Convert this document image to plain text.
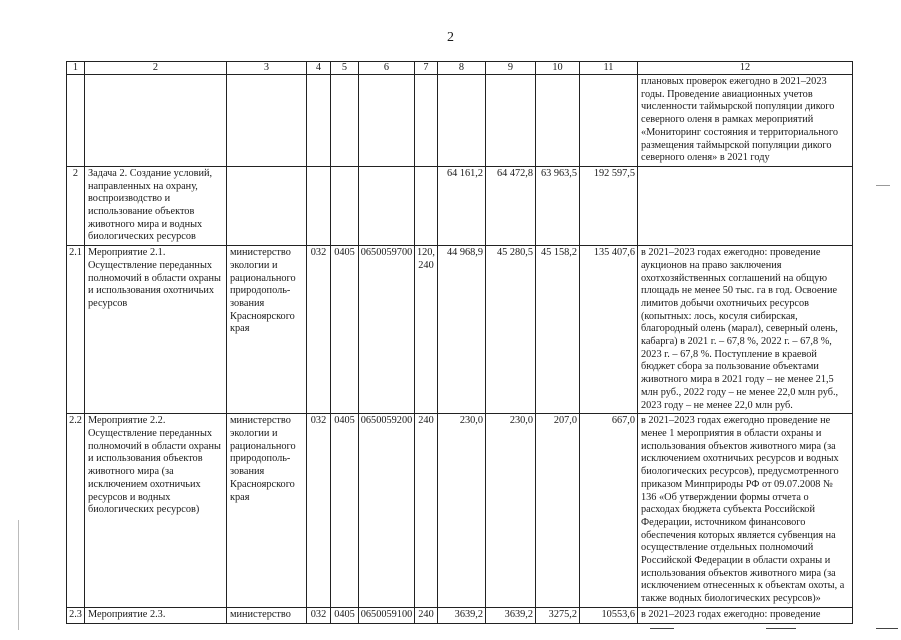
2
1	2	3	4	5	6	7	8	9	10	11	12
											плановых проверок ежегодно в 2021–2023 годы. Проведение авиационных учетов численности таймырской популяции дикого северного оленя в рамках мероприятий «Мониторинг состояния и территориального размещения таймырской популяции дикого северного оленя» в 2021 году
2	Задача 2. Создание условий, направленных на охрану, воспроизводство и использование объектов животного мира и водных биологических ресурсов						64 161,2	64 472,8	63 963,5	192 597,5	
2.1	Мероприятие 2.1. Осуществление переданных полномочий в области охраны и использования охотничьих ресурсов	министерство экологии и рационального природополь-зования Красноярского края	032	0405	0650059700	120, 240	44 968,9	45 280,5	45 158,2	135 407,6	в 2021–2023 годах ежегодно: проведение аукционов на право заключения охотхозяйственных соглашений на общую площадь не менее 50 тыс. га в год. Освоение лимитов добычи охотничьих ресурсов (копытных: лось, косуля сибирская, благородный олень (марал), северный олень, кабарга) в 2021 г. – 67,8 %, 2022 г. – 67,8 %, 2023 г. – 67,8 %. Поступление в краевой бюджет сбора за пользование объектами животного мира в 2021 году – не менее 21,5 млн руб., 2022 году – не менее 22,0 млн руб., 2023 году – не менее 22,0 млн руб.
2.2	Мероприятие 2.2. Осуществление переданных полномочий в области охраны и использования объектов животного мира (за исключением охотничьих ресурсов и водных биологических ресурсов)	министерство экологии и рационального природополь-зования Красноярского края	032	0405	0650059200	240	230,0	230,0	207,0	667,0	в 2021–2023 годах ежегодно проведение не менее 1 мероприятия в области охраны и использования объектов животного мира (за исключением охотничьих ресурсов и водных биологических ресурсов), предусмотренного приказом Минприроды РФ от 09.07.2008 № 136 «Об утверждении формы отчета о расходах бюджета субъекта Российской Федерации, источником финансового обеспечения которых является субвенция на осуществление отдельных полномочий Российской Федерации в области охраны и использования объектов животного мира (за исключением отнесенных к объектам охоты, а также водных биологических ресурсов)»
2.3	Мероприятие 2.3.	министерство	032	0405	0650059100	240	3639,2	3639,2	3275,2	10553,6	в 2021–2023 годах ежегодно: проведение
